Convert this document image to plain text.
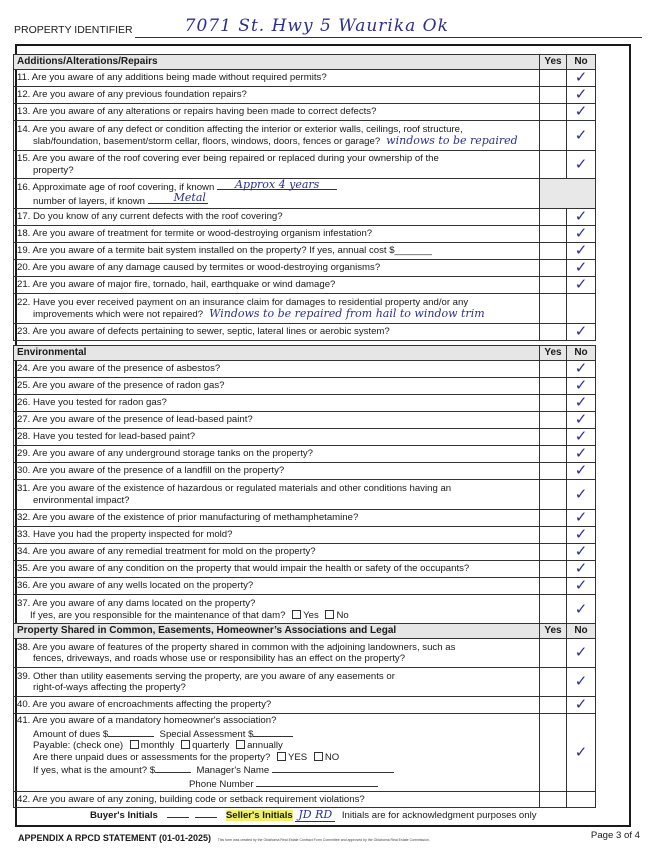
PROPERTY IDENTIFIER	7071 St. Hwy 5 Waurika Ok
Additions/Alterations/Repairs	Yes	No
11. Are you aware of any additions being made without required permits?		✓
12. Are you aware of any previous foundation repairs?		✓
13. Are you aware of any alterations or repairs having been made to correct defects?		✓
14. Are you aware of any defect or condition affecting the interior or exterior walls, ceilings, roof structure,
slab/foundation, basement/storm cellar, floors, windows, doors, fences or garage? windows to be repaired		✓
15. Are you aware of the roof covering ever being repaired or replaced during your ownership of the
property?		✓
16. Approximate age of roof covering, if known Approx 4 years
number of layers, if known Metal		

17. Do you know of any current defects with the roof covering?		✓
18. Are you aware of treatment for termite or wood-destroying organism infestation?		✓
19. Are you aware of a termite bait system installed on the property? If yes, annual cost $_______		✓
20. Are you aware of any damage caused by termites or wood-destroying organisms?		✓
21. Are you aware of major fire, tornado, hail, earthquake or wind damage?		✓
22. Have you ever received payment on an insurance claim for damages to residential property and/or any
improvements which were not repaired? Windows to be repaired from hail to window trim		

23. Are you aware of defects pertaining to sewer, septic, lateral lines or aerobic system?		✓
Environmental	Yes	No
24. Are you aware of the presence of asbestos?		✓
25. Are you aware of the presence of radon gas?		✓
26. Have you tested for radon gas?		✓
27. Are you aware of the presence of lead-based paint?		✓
28. Have you tested for lead-based paint?		✓
29. Are you aware of any underground storage tanks on the property?		✓
30. Are you aware of the presence of a landfill on the property?		✓
31. Are you aware of the existence of hazardous or regulated materials and other conditions having an
environmental impact?		✓
32. Are you aware of the existence of prior manufacturing of methamphetamine?		✓
33. Have you had the property inspected for mold?		✓
34. Are you aware of any remedial treatment for mold on the property?		✓
35. Are you aware of any condition on the property that would impair the health or safety of the occupants?		✓
36. Are you aware of any wells located on the property?		✓
37. Are you aware of any dams located on the property?
If yes, are you responsible for the maintenance of that dam? Yes No		✓
Property Shared in Common, Easements, Homeowner’s Associations and Legal	Yes	No
38. Are you aware of features of the property shared in common with the adjoining landowners, such as
fences, driveways, and roads whose use or responsibility has an effect on the property?		✓
39. Other than utility easements serving the property, are you aware of any easements or
right-of-ways affecting the property?		✓
40. Are you aware of encroachments affecting the property?		✓
41. Are you aware of a mandatory homeowner's association?
Amount of dues $	Special Assessment $
Payable: (check one) monthly quarterly annually
Are there unpaid dues or assessments for the property? YES NO
If yes, what is the amount? $	Manager's Name
Phone Number
		✓
42. Are you aware of any zoning, building code or setback requirement violations?		
Buyer's Initials	Seller's Initials JD RD Initials are for acknowledgment purposes only
APPENDIX A RPCD STATEMENT (01-01-2025) This form was created by the Oklahoma Real Estate Contract Form Committee and approved by the Oklahoma Real Estate Commission.	Page 3 of 4
